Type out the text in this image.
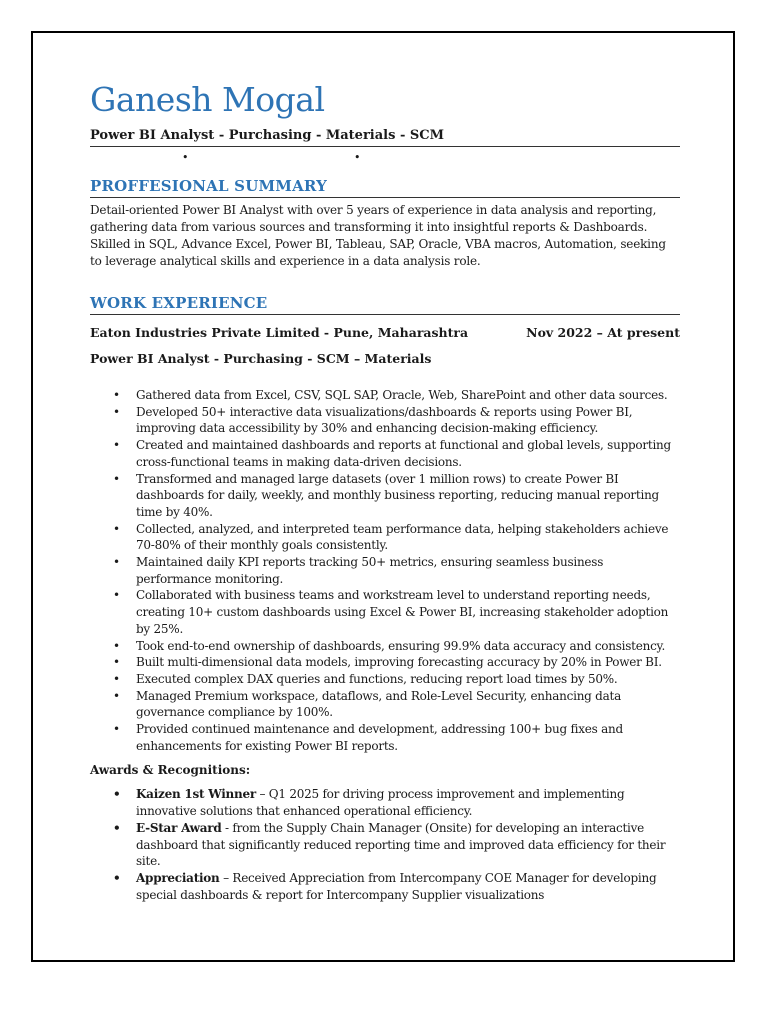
Ganesh Mogal
Power BI Analyst - Purchasing - Materials - SCM
•	•
PROFFESIONAL SUMMARY
Detail-oriented Power BI Analyst with over 5 years of experience in data analysis and reporting, gathering data from various sources and transforming it into insightful reports & Dashboards. Skilled in SQL, Advance Excel, Power BI, Tableau, SAP, Oracle, VBA macros, Automation, seeking to leverage analytical skills and experience in a data analysis role.
WORK EXPERIENCE
Eaton Industries Private Limited - Pune, Maharashtra	Nov 2022 – At present
Power BI Analyst - Purchasing - SCM – Materials
• Gathered data from Excel, CSV, SQL SAP, Oracle, Web, SharePoint and other data sources.
• Developed 50+ interactive data visualizations/dashboards & reports using Power BI, improving data accessibility by 30% and enhancing decision-making efficiency.
• Created and maintained dashboards and reports at functional and global levels, supporting cross-functional teams in making data-driven decisions.
• Transformed and managed large datasets (over 1 million rows) to create Power BI dashboards for daily, weekly, and monthly business reporting, reducing manual reporting time by 40%.
• Collected, analyzed, and interpreted team performance data, helping stakeholders achieve 70-80% of their monthly goals consistently.
• Maintained daily KPI reports tracking 50+ metrics, ensuring seamless business performance monitoring.
• Collaborated with business teams and workstream level to understand reporting needs, creating 10+ custom dashboards using Excel & Power BI, increasing stakeholder adoption by 25%.
• Took end-to-end ownership of dashboards, ensuring 99.9% data accuracy and consistency.
• Built multi-dimensional data models, improving forecasting accuracy by 20% in Power BI.
• Executed complex DAX queries and functions, reducing report load times by 50%.
• Managed Premium workspace, dataflows, and Role-Level Security, enhancing data governance compliance by 100%.
• Provided continued maintenance and development, addressing 100+ bug fixes and enhancements for existing Power BI reports.
Awards & Recognitions:
• Kaizen 1st Winner – Q1 2025 for driving process improvement and implementing innovative solutions that enhanced operational efficiency.
• E-Star Award - from the Supply Chain Manager (Onsite) for developing an interactive dashboard that significantly reduced reporting time and improved data efficiency for their site.
• Appreciation – Received Appreciation from Intercompany COE Manager for developing special dashboards & report for Intercompany Supplier visualizations
